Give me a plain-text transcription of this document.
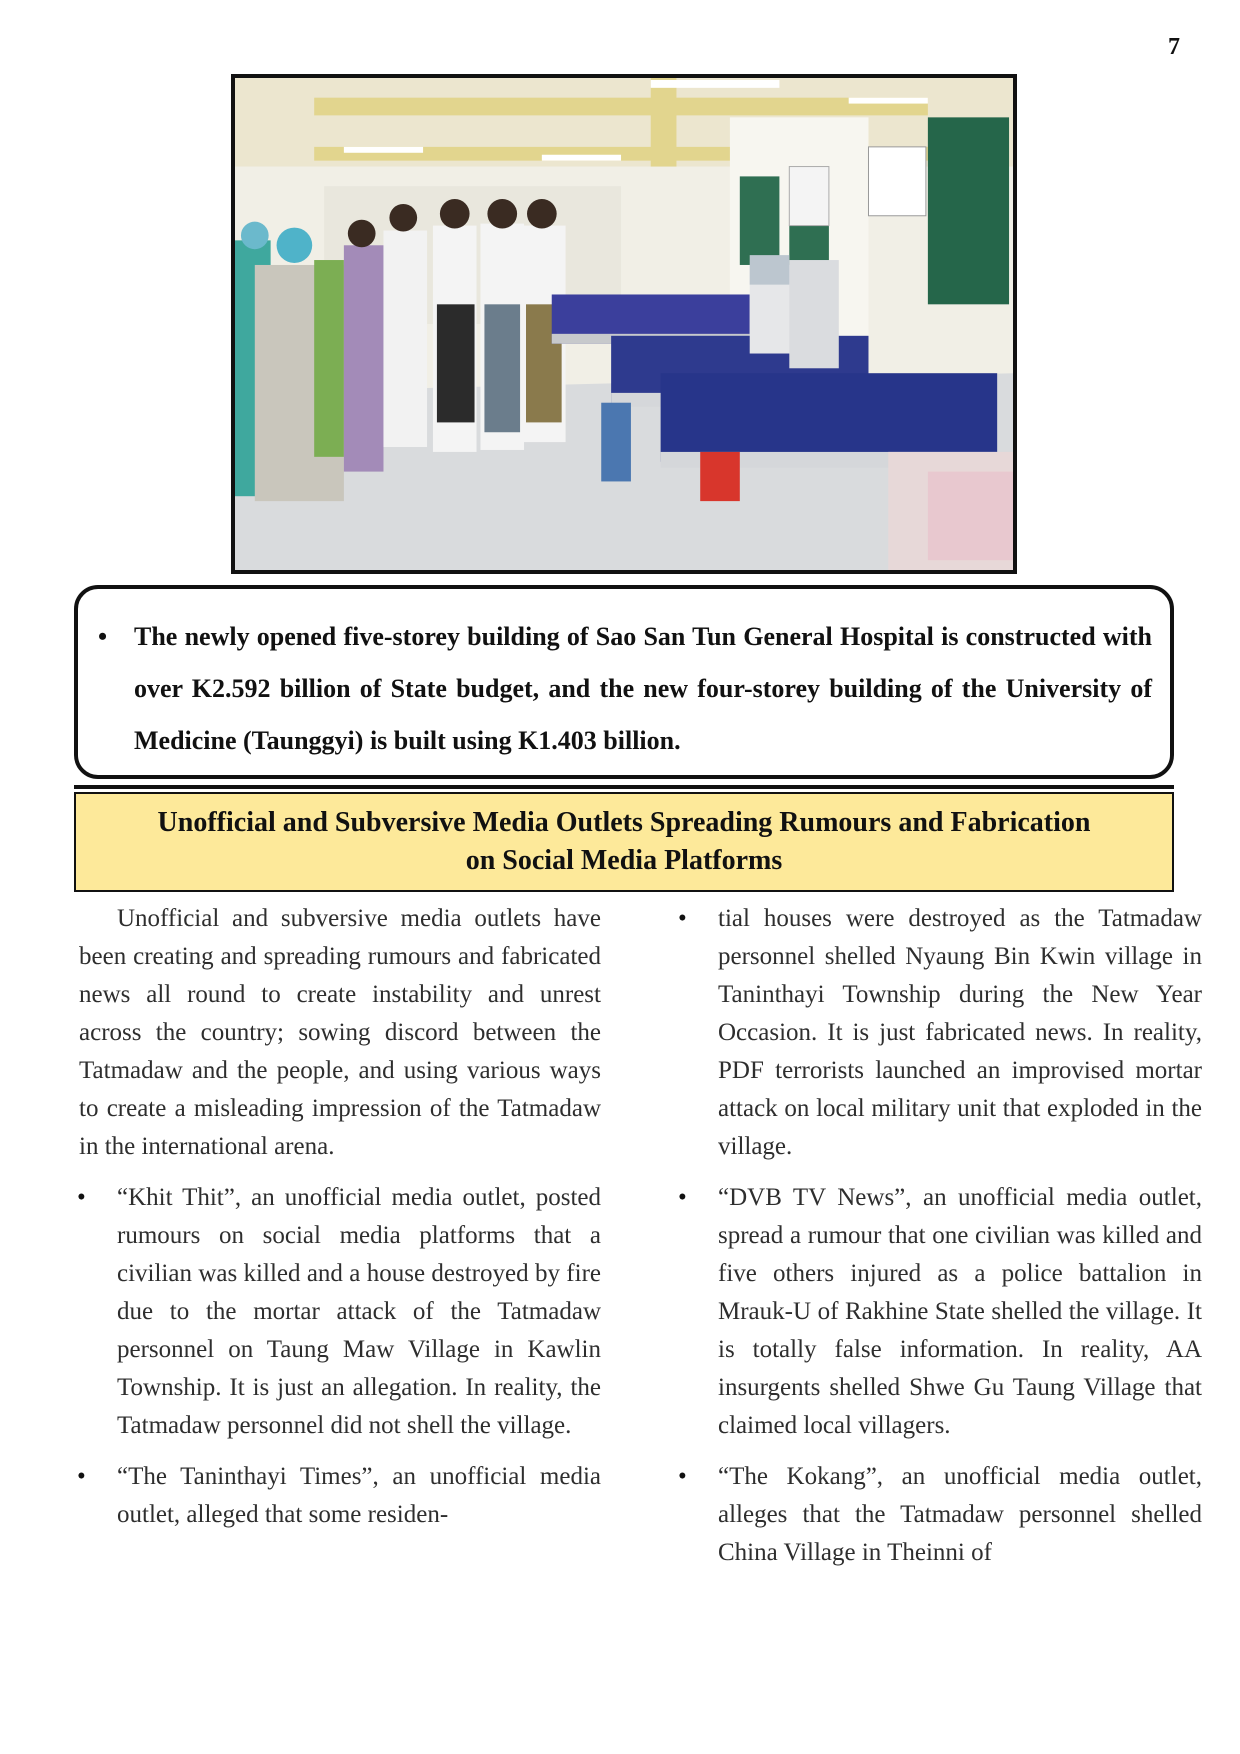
7
• The newly opened five-storey building of Sao San Tun General Hospital is constructed with over K2.592 billion of State budget, and the new four-storey building of the University of Medicine (Taunggyi) is built using K1.403 billion.
Unofficial and Subversive Media Outlets Spreading Rumours and Fabrication
on Social Media Platforms

Unofficial and subversive media outlets have been creating and spreading rumours and fabricated news all round to create instability and unrest across the country; sowing discord between the Tatmadaw and the people, and using various ways to create a misleading impression of the Tatmadaw in the international arena.

• “Khit Thit”, an unofficial media outlet, posted rumours on social media platforms that a civilian was killed and a house destroyed by fire due to the mortar attack of the Tatmadaw personnel on Taung Maw Village in Kawlin Township. It is just an allegation. In reality, the Tatmadaw personnel did not shell the village.
• “The Taninthayi Times”, an unofficial media outlet, alleged that some residen-
• tial houses were destroyed as the Tatmadaw personnel shelled Nyaung Bin Kwin village in Taninthayi Township during the New Year Occasion. It is just fabricated news. In reality, PDF terrorists launched an improvised mortar attack on local military unit that exploded in the village.
• “DVB TV News”, an unofficial media outlet, spread a rumour that one civilian was killed and five others injured as a police battalion in Mrauk-U of Rakhine State shelled the village. It is totally false information. In reality, AA insurgents shelled Shwe Gu Taung Village that claimed local villagers.
• “The Kokang”, an unofficial media outlet, alleges that the Tatmadaw personnel shelled China Village in Theinni of
